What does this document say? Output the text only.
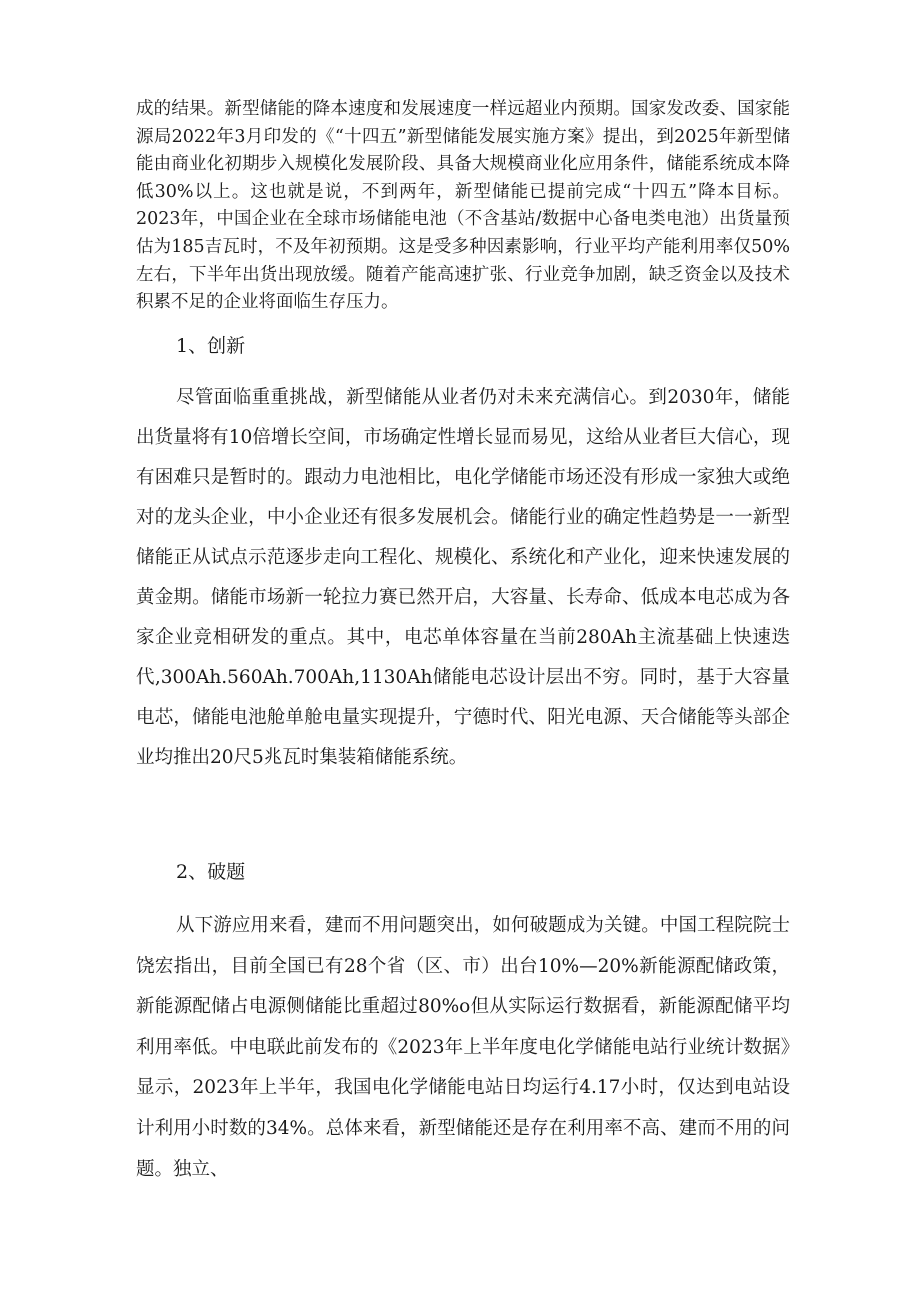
成的结果。新型储能的降本速度和发展速度一样远超业内预期。国家发改委、国家能源局2022年3月印发的《“十四五”新型储能发展实施方案》提出，到2025年新型储能由商业化初期步入规模化发展阶段、具备大规模商业化应用条件，储能系统成本降低30%以上。这也就是说，不到两年，新型储能已提前完成“十四五”降本目标。2023年，中国企业在全球市场储能电池（不含基站/数据中心备电类电池）出货量预估为185吉瓦时，不及年初预期。这是受多种因素影响，行业平均产能利用率仅50%左右，下半年出货出现放缓。随着产能高速扩张、行业竞争加剧，缺乏资金以及技术积累不足的企业将面临生存压力。

1、创新

尽管面临重重挑战，新型储能从业者仍对未来充满信心。到2030年，储能出货量将有10倍增长空间，市场确定性增长显而易见，这给从业者巨大信心，现有困难只是暂时的。跟动力电池相比，电化学储能市场还没有形成一家独大或绝对的龙头企业，中小企业还有很多发展机会。储能行业的确定性趋势是一一新型储能正从试点示范逐步走向工程化、规模化、系统化和产业化，迎来快速发展的黄金期。储能市场新一轮拉力赛已然开启，大容量、长寿命、低成本电芯成为各家企业竞相研发的重点。其中，电芯单体容量在当前280Ah主流基础上快速迭代,300Ah.560Ah.700Ah,1130Ah储能电芯设计层出不穷。同时，基于大容量电芯，储能电池舱单舱电量实现提升，宁德时代、阳光电源、天合储能等头部企业均推出20尺5兆瓦时集装箱储能系统。

2、破题

从下游应用来看，建而不用问题突出，如何破题成为关键。中国工程院院士饶宏指出，目前全国已有28个省（区、市）出台10%—20%新能源配储政策，新能源配储占电源侧储能比重超过80%o但从实际运行数据看，新能源配储平均利用率低。中电联此前发布的《2023年上半年度电化学储能电站行业统计数据》显示，2023年上半年，我国电化学储能电站日均运行4.17小时，仅达到电站设计利用小时数的34%。总体来看，新型储能还是存在利用率不高、建而不用的问题。独立、
